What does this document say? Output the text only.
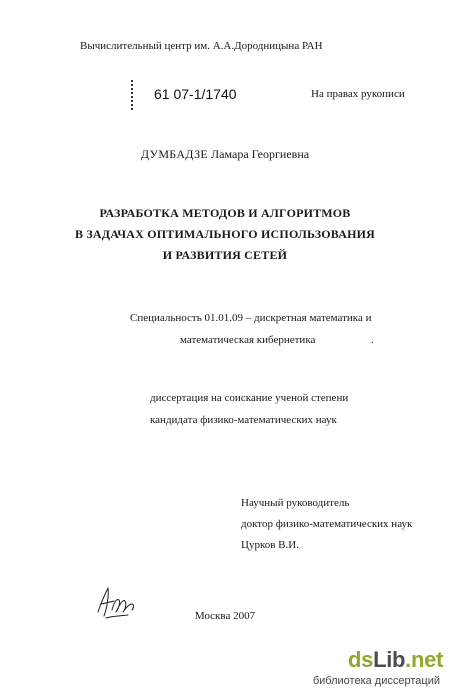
Вычислительный центр им. А.А.Дородницына РАН
61 07-1/1740	На правах рукописи
ДУМБАДЗЕ Ламара Георгиевна
РАЗРАБОТКА МЕТОДОВ И АЛГОРИТМОВ
В ЗАДАЧАХ ОПТИМАЛЬНОГО ИСПОЛЬЗОВАНИЯ
И РАЗВИТИЯ СЕТЕЙ
Специальность 01.01.09 – дискретная математика и
математическая кибернетика	.
диссертация на соискание ученой степени
кандидата физико-математических наук
Научный руководитель
доктор физико-математических наук
Цурков В.И.
Москва 2007
dsLib.net
библиотека диссертаций
